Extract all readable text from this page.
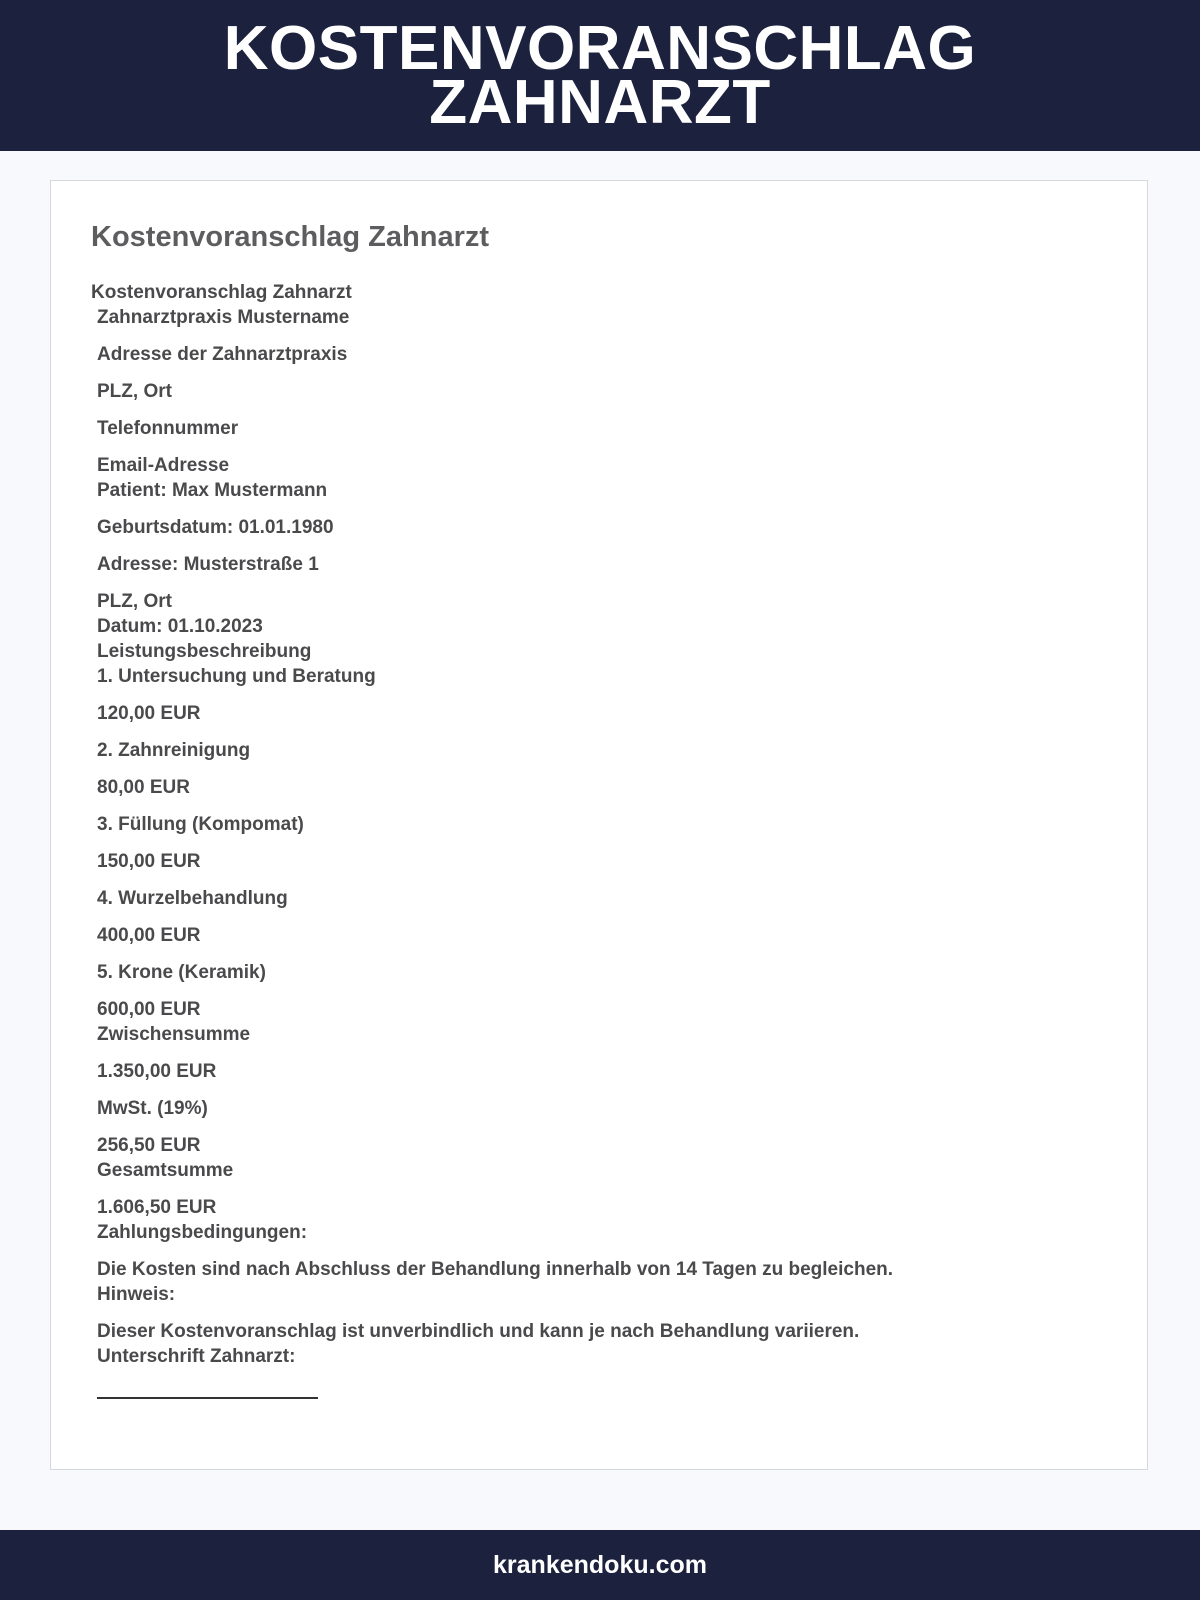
KOSTENVORANSCHLAG ZAHNARZT
Kostenvoranschlag Zahnarzt
Kostenvoranschlag Zahnarzt
Zahnarztpraxis Mustername
Adresse der Zahnarztpraxis
PLZ, Ort
Telefonnummer
Email-Adresse
Patient: Max Mustermann
Geburtsdatum: 01.01.1980
Adresse: Musterstraße 1
PLZ, Ort
Datum: 01.10.2023
Leistungsbeschreibung
1. Untersuchung und Beratung
120,00 EUR
2. Zahnreinigung
80,00 EUR
3. Füllung (Kompomat)
150,00 EUR
4. Wurzelbehandlung
400,00 EUR
5. Krone (Keramik)
600,00 EUR
Zwischensumme
1.350,00 EUR
MwSt. (19%)
256,50 EUR
Gesamtsumme
1.606,50 EUR
Zahlungsbedingungen:
Die Kosten sind nach Abschluss der Behandlung innerhalb von 14 Tagen zu begleichen.
Hinweis:
Dieser Kostenvoranschlag ist unverbindlich und kann je nach Behandlung variieren.
Unterschrift Zahnarzt:
krankendoku.com
